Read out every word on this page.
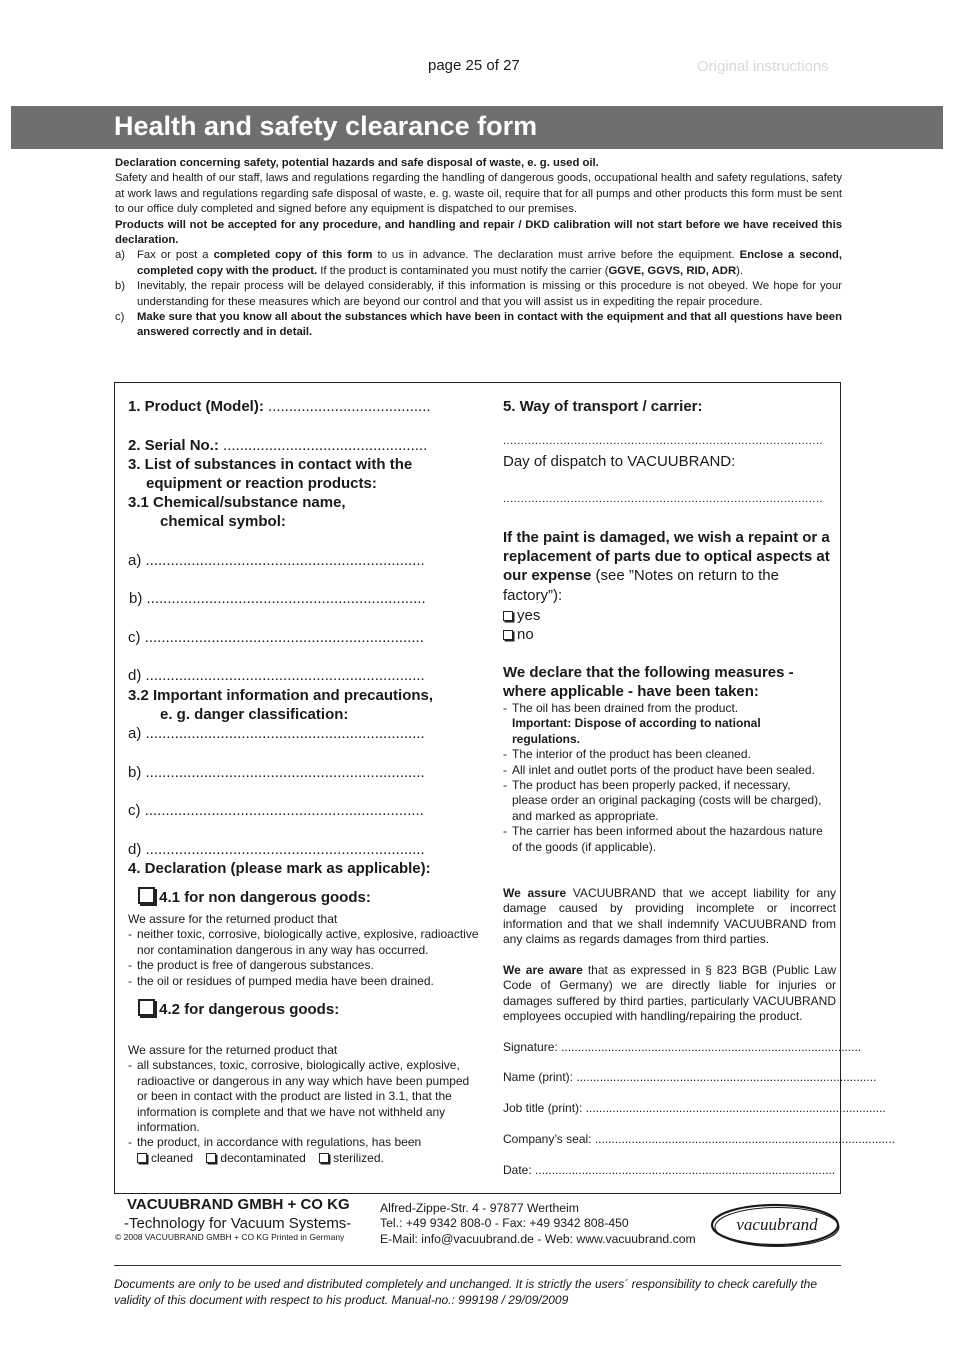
page 25 of 27	Original instructions
Health and safety clearance form

Declaration concerning safety, potential hazards and safe disposal of waste, e. g. used oil.

Safety and health of our staff, laws and regulations regarding the handling of dangerous goods, occupational health and safety regulations, safety at work laws and regulations regarding safe disposal of waste, e. g. waste oil, require that for all pumps and other products this form must be sent to our office duly completed and signed before any equipment is dispatched to our premises.

Products will not be accepted for any procedure, and handling and repair / DKD calibration will not start before we have received this declaration.

a) Fax or post a completed copy of this form to us in advance. The declaration must arrive before the equipment. Enclose a second, completed copy with the product. If the product is contaminated you must notify the carrier (GGVE, GGVS, RID, ADR).
b) Inevitably, the repair process will be delayed considerably, if this information is missing or this procedure is not obeyed. We hope for your understanding for these measures which are beyond our control and that you will assist us in expediting the repair procedure.
c) Make sure that you know all about the substances which have been in contact with the equipment and that all questions have been answered correctly and in detail.
1. Product (Model): .......................................
2. Serial No.: .................................................
3. List of substances in contact with the
equipment or reaction products:
3.1 Chemical/substance name,
chemical symbol:
a) ...................................................................
b) ...................................................................
c) ...................................................................
d) ...................................................................
3.2 Important information and precautions,
e. g. danger classification:
a) ...................................................................
b) ...................................................................
c) ...................................................................
d) ...................................................................
4. Declaration (please mark as applicable):
4.1 for non dangerous goods:
We assure for the returned product that
- neither toxic, corrosive, biologically active, explosive, radioactive nor contamination dangerous in any way has occurred.
- the product is free of dangerous substances.
- the oil or residues of pumped media have been drained.
4.2 for dangerous goods:
We assure for the returned product that
- all substances, toxic, corrosive, biologically active, explosive, radioactive or dangerous in any way which have been pumped or been in contact with the product are listed in 3.1, that the information is complete and that we have not withheld any information.
- the product, in accordance with regulations, has been
cleaned decontaminated sterilized.
5. Way of transport / carrier:
..........................................................................................
Day of dispatch to VACUUBRAND:
..........................................................................................
If the paint is damaged, we wish a repaint or a replacement of parts due to optical aspects at our expense (see ”Notes on return to the factory”):
yes
no
We declare that the following measures - where applicable - have been taken:
- The oil has been drained from the product.
Important: Dispose of according to national regulations.
- The interior of the product has been cleaned.
- All inlet and outlet ports of the product have been sealed.
- The product has been properly packed, if necessary, please order an original packaging (costs will be charged), and marked as appropriate.
- The carrier has been informed about the hazardous nature of the goods (if applicable).
We assure VACUUBRAND that we accept liability for any damage caused by providing incomplete or incorrect information and that we shall indemnify VACUUBRAND from any claims as regards damages from third parties.
We are aware that as expressed in § 823 BGB (Public Law Code of Germany) we are directly liable for injuries or damages suffered by third parties, particularly VACUUBRAND employees occupied with handling/repairing the product.
Signature: ..........................................................................................
Name (print): ..........................................................................................
Job title (print): ..........................................................................................
Company’s seal: ..........................................................................................
Date: ..........................................................................................
VACUUBRAND GMBH + CO KG
-Technology for Vacuum Systems-
© 2008 VACUUBRAND GMBH + CO KG Printed in Germany
Alfred-Zippe-Str. 4 - 97877 Wertheim
Tel.: +49 9342 808-0 - Fax: +49 9342 808-450
E-Mail: info@vacuubrand.de - Web: www.vacuubrand.com
vacuubrand
Documents are only to be used and distributed completely and unchanged. It is strictly the users´ responsibility to check carefully the validity of this document with respect to his product. Manual-no.: 999198 / 29/09/2009
